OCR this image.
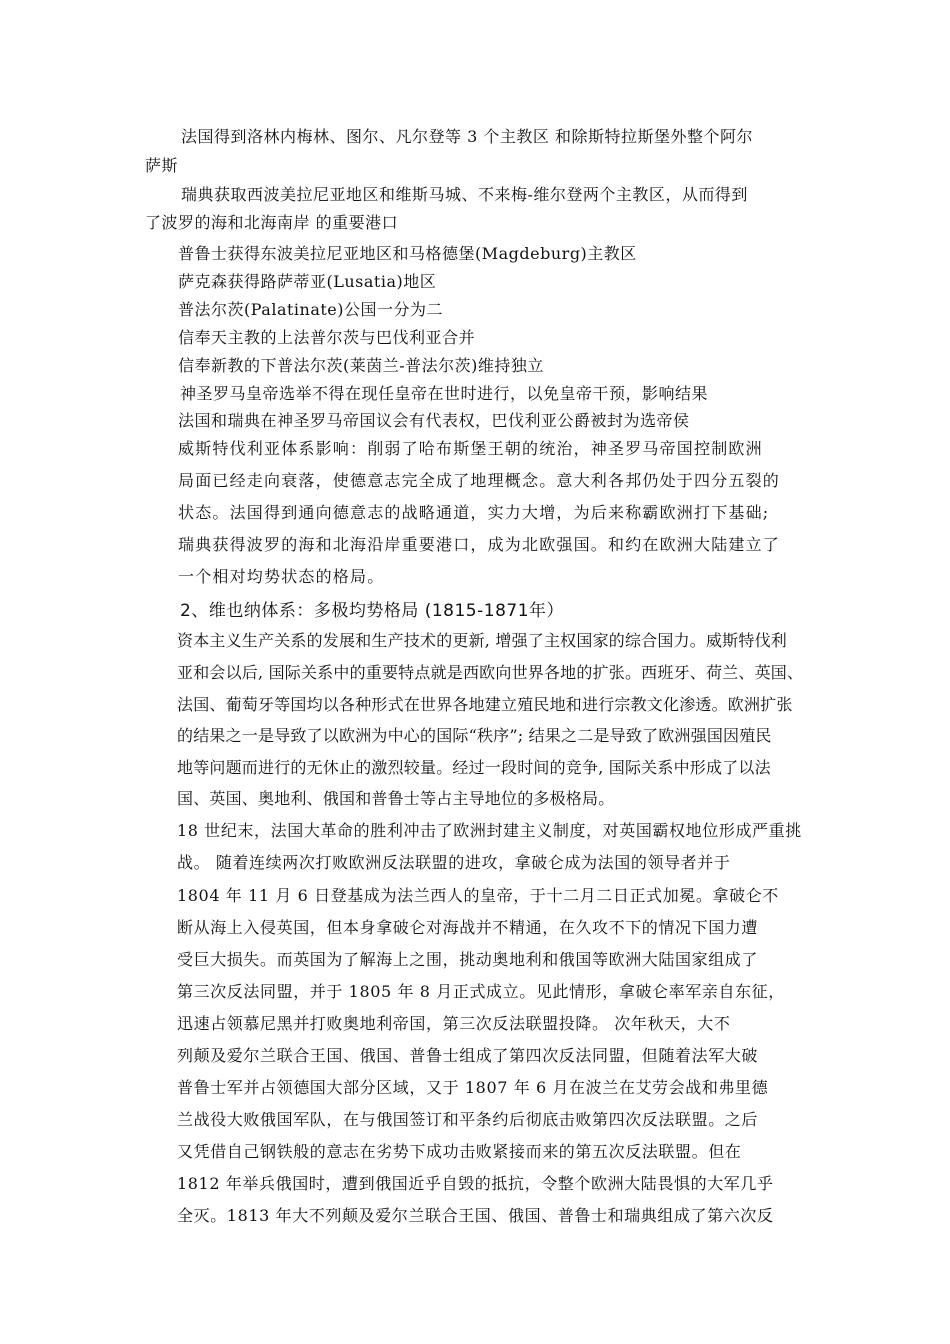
法国得到洛林内梅林、图尔、凡尔登等 3 个主教区 和除斯特拉斯堡外整个阿尔
萨斯
瑞典获取西波美拉尼亚地区和维斯马城、不来梅-维尔登两个主教区，从而得到
了波罗的海和北海南岸 的重要港口
普鲁士获得东波美拉尼亚地区和马格德堡(Magdeburg)主教区
萨克森获得路萨蒂亚(Lusatia)地区
普法尔茨(Palatinate)公国一分为二
信奉天主教的上法普尔茨与巴伐利亚合并
信奉新教的下普法尔茨(莱茵兰-普法尔茨)维持独立
神圣罗马皇帝选举不得在现任皇帝在世时进行，以免皇帝干预，影响结果
法国和瑞典在神圣罗马帝国议会有代表权，巴伐利亚公爵被封为选帝侯
威斯特伐利亚体系影响：削弱了哈布斯堡王朝的统治，神圣罗马帝国控制欧洲
局面已经走向衰落，使德意志完全成了地理概念。意大利各邦仍处于四分五裂的
状态。法国得到通向德意志的战略通道，实力大增，为后来称霸欧洲打下基础;
瑞典获得波罗的海和北海沿岸重要港口，成为北欧强国。和约在欧洲大陆建立了
一个相对均势状态的格局。
2、维也纳体系：多极均势格局 (1815-1871年）
资本主义生产关系的发展和生产技术的更新, 增强了主权国家的综合国力。威斯特伐利
亚和会以后, 国际关系中的重要特点就是西欧向世界各地的扩张。西班牙、荷兰、英国、
法国、葡萄牙等国均以各种形式在世界各地建立殖民地和进行宗教文化渗透。欧洲扩张
的结果之一是导致了以欧洲为中心的国际“秩序”; 结果之二是导致了欧洲强国因殖民
地等问题而进行的无休止的激烈较量。经过一段时间的竞争, 国际关系中形成了以法
国、英国、奥地利、俄国和普鲁士等占主导地位的多极格局。
18 世纪末，法国大革命的胜利冲击了欧洲封建主义制度，对英国霸权地位形成严重挑
战。 随着连续两次打败欧洲反法联盟的进攻，拿破仑成为法国的领导者并于
1804 年 11 月 6 日登基成为法兰西人的皇帝，于十二月二日正式加冕。拿破仑不
断从海上入侵英国，但本身拿破仑对海战并不精通，在久攻不下的情况下国力遭
受巨大损失。而英国为了解海上之围，挑动奥地利和俄国等欧洲大陆国家组成了
第三次反法同盟，并于 1805 年 8 月正式成立。见此情形，拿破仑率军亲自东征，
迅速占领慕尼黑并打败奥地利帝国，第三次反法联盟投降。 次年秋天，大不
列颠及爱尔兰联合王国、俄国、普鲁士组成了第四次反法同盟，但随着法军大破
普鲁士军并占领德国大部分区域，又于 1807 年 6 月在波兰在艾劳会战和弗里德
兰战役大败俄国军队，在与俄国签订和平条约后彻底击败第四次反法联盟。之后
又凭借自己钢铁般的意志在劣势下成功击败紧接而来的第五次反法联盟。但在
1812 年举兵俄国时，遭到俄国近乎自毁的抵抗，令整个欧洲大陆畏惧的大军几乎
全灭。1813 年大不列颠及爱尔兰联合王国、俄国、普鲁士和瑞典组成了第六次反
